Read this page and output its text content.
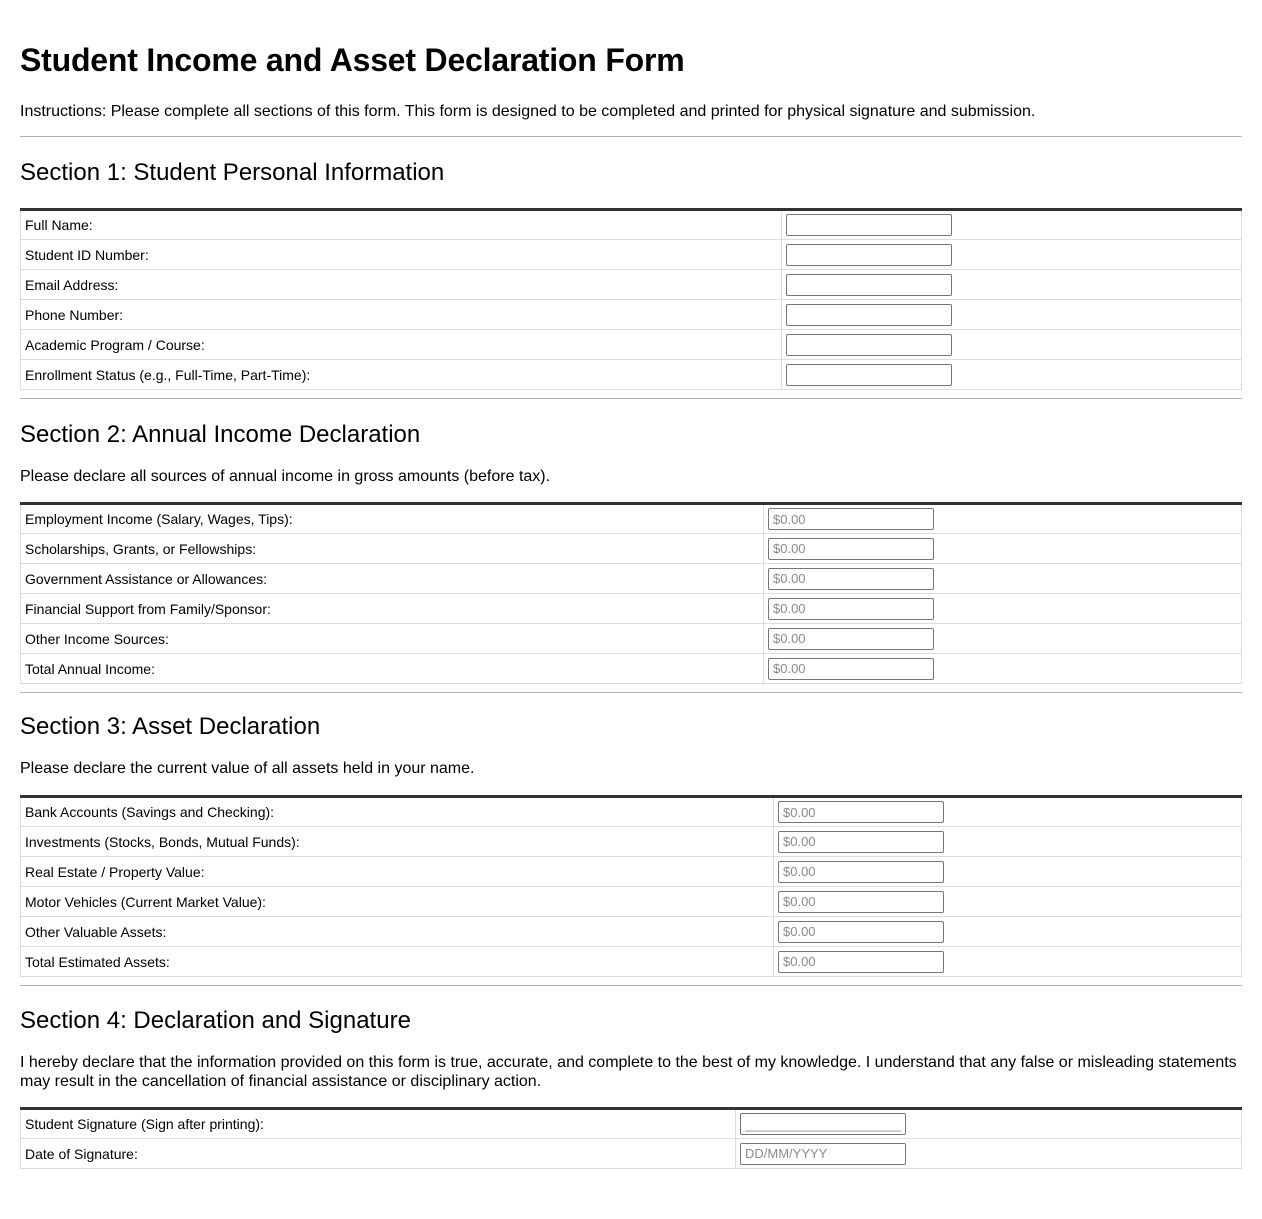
Student Income and Asset Declaration Form

Instructions: Please complete all sections of this form. This form is designed to be completed and printed for physical signature and submission.

Section 1: Student Personal Information
Full Name:	

Student ID Number:	

Email Address:	

Phone Number:	

Academic Program / Course:	

Enrollment Status (e.g., Full-Time, Part-Time):	
Section 2: Annual Income Declaration

Please declare all sources of annual income in gross amounts (before tax).

Employment Income (Salary, Wages, Tips):	
$0.00
Scholarships, Grants, or Fellowships:	
$0.00
Government Assistance or Allowances:	
$0.00
Financial Support from Family/Sponsor:	
$0.00
Other Income Sources:	
$0.00
Total Annual Income:	
$0.00
Section 3: Asset Declaration

Please declare the current value of all assets held in your name.

Bank Accounts (Savings and Checking):	
$0.00
Investments (Stocks, Bonds, Mutual Funds):	
$0.00
Real Estate / Property Value:	
$0.00
Motor Vehicles (Current Market Value):	
$0.00
Other Valuable Assets:	
$0.00
Total Estimated Assets:	
$0.00
Section 4: Declaration and Signature

I hereby declare that the information provided on this form is true, accurate, and complete to the best of my knowledge. I understand that any false or misleading statements may result in the cancellation of financial assistance or disciplinary action.

Student Signature (Sign after printing):	
____________________________
Date of Signature:	
DD/MM/YYYY
